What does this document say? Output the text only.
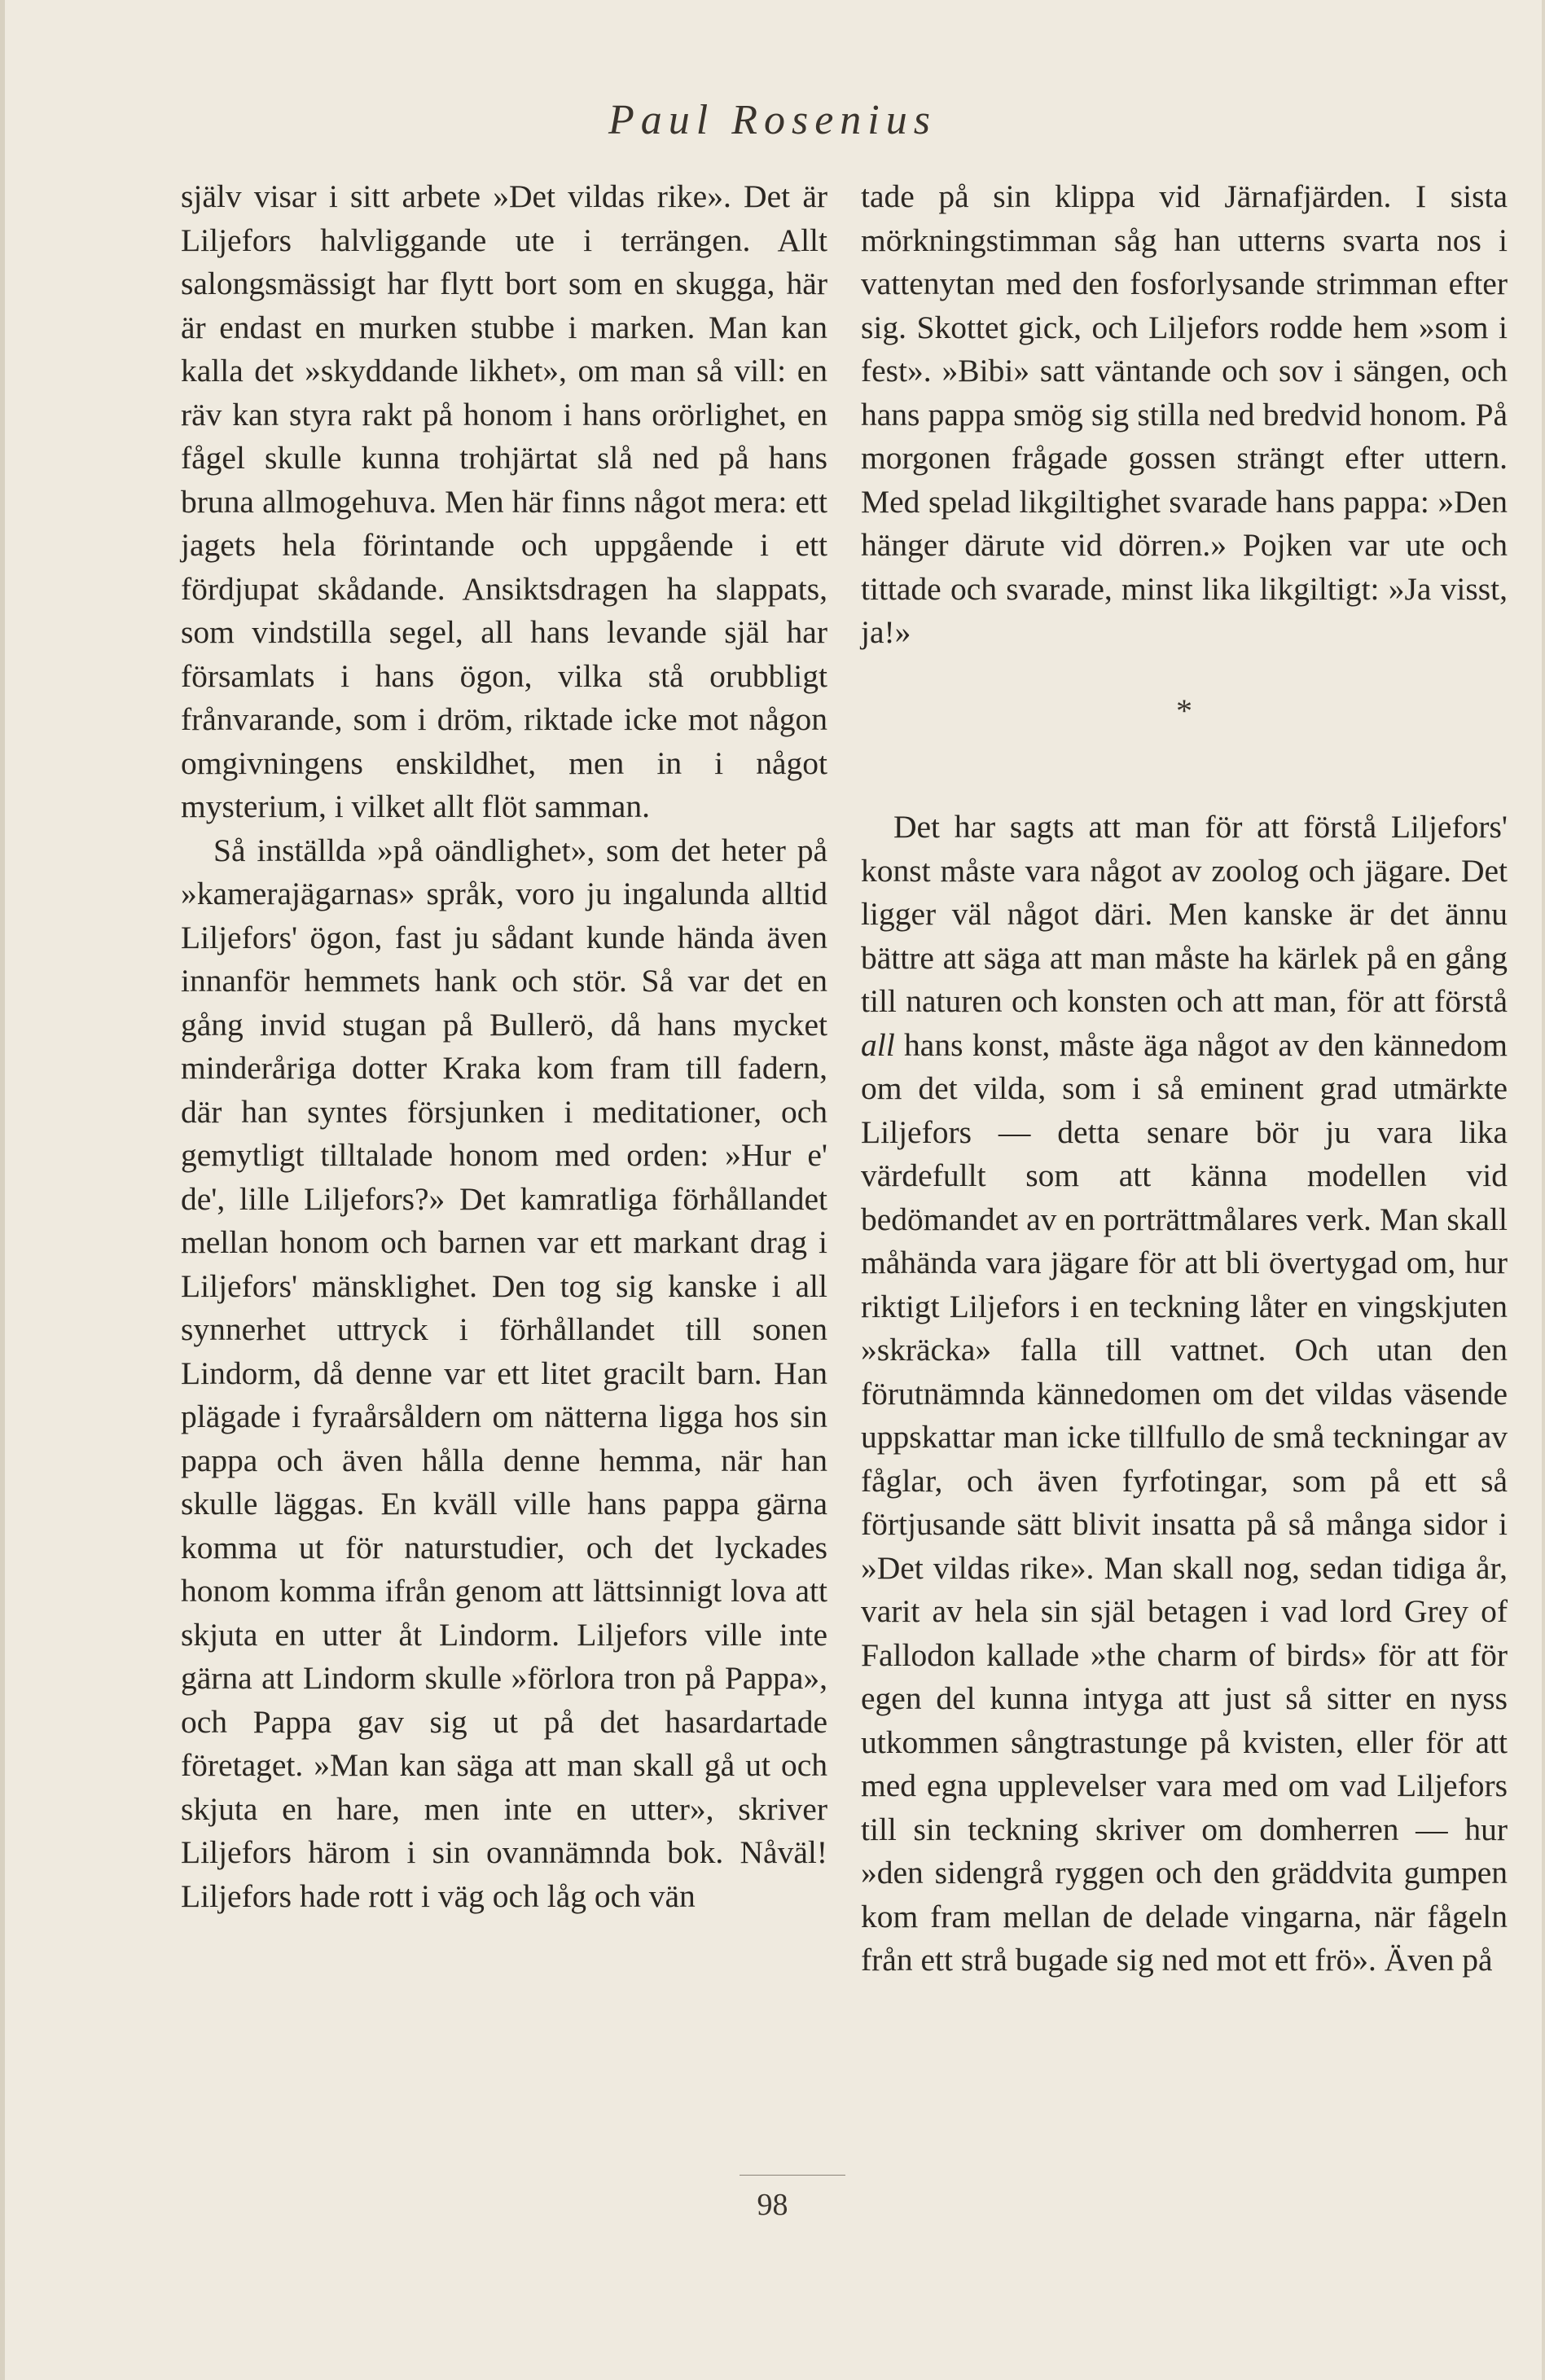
Paul Rosenius

själv visar i sitt arbete »Det vildas rike». Det är Liljefors halvliggande ute i terrängen. Allt salongsmässigt har flytt bort som en skugga, här är endast en murken stubbe i marken. Man kan kalla det »skyddande likhet», om man så vill: en räv kan styra rakt på honom i hans orörlighet, en fågel skulle kunna trohjärtat slå ned på hans bruna allmogehuva. Men här finns något mera: ett jagets hela förintande och uppgående i ett fördjupat skådande. Ansiktsdragen ha slappats, som vindstilla segel, all hans levande själ har församlats i hans ögon, vilka stå orubbligt frånvarande, som i dröm, riktade icke mot någon omgivningens enskildhet, men in i något mysterium, i vilket allt flöt samman.

Så inställda »på oändlighet», som det heter på »kamerajägarnas» språk, voro ju ingalunda alltid Liljefors' ögon, fast ju sådant kunde hända även innanför hemmets hank och stör. Så var det en gång invid stugan på Bullerö, då hans mycket minderåriga dotter Kraka kom fram till fadern, där han syntes försjunken i meditationer, och gemytligt tilltalade honom med orden: »Hur e' de', lille Liljefors?» Det kamratliga förhållandet mellan honom och barnen var ett markant drag i Liljefors' mänsklighet. Den tog sig kanske i all synnerhet uttryck i förhållandet till sonen Lindorm, då denne var ett litet gracilt barn. Han plägade i fyraårsåldern om nätterna ligga hos sin pappa och även hålla denne hemma, när han skulle läggas. En kväll ville hans pappa gärna komma ut för naturstudier, och det lyckades honom komma ifrån genom att lättsinnigt lova att skjuta en utter åt Lindorm. Liljefors ville inte gärna att Lindorm skulle »förlora tron på Pappa», och Pappa gav sig ut på det hasardartade företaget. »Man kan säga att man skall gå ut och skjuta en hare, men inte en utter», skriver Liljefors härom i sin ovannämnda bok. Nåväl! Liljefors hade rott i väg och låg och vän

tade på sin klippa vid Järnafjärden. I sista mörkningstimman såg han utterns svarta nos i vattenytan med den fosforlysande strimman efter sig. Skottet gick, och Liljefors rodde hem »som i fest». »Bibi» satt väntande och sov i sängen, och hans pappa smög sig stilla ned bredvid honom. På morgonen frågade gossen strängt efter uttern. Med spelad likgiltighet svarade hans pappa: »Den hänger därute vid dörren.» Pojken var ute och tittade och svarade, minst lika likgiltigt: »Ja visst, ja!»

*

Det har sagts att man för att förstå Liljefors' konst måste vara något av zoolog och jägare. Det ligger väl något däri. Men kanske är det ännu bättre att säga att man måste ha kärlek på en gång till naturen och konsten och att man, för att förstå all hans konst, måste äga något av den kännedom om det vilda, som i så eminent grad utmärkte Liljefors — detta senare bör ju vara lika värdefullt som att känna modellen vid bedömandet av en porträttmålares verk. Man skall måhända vara jägare för att bli övertygad om, hur riktigt Liljefors i en teckning låter en vingskjuten »skräcka» falla till vattnet. Och utan den förutnämnda kännedomen om det vildas väsende uppskattar man icke tillfullo de små teckningar av fåglar, och även fyrfotingar, som på ett så förtjusande sätt blivit insatta på så många sidor i »Det vildas rike». Man skall nog, sedan tidiga år, varit av hela sin själ betagen i vad lord Grey of Fallodon kallade »the charm of birds» för att för egen del kunna intyga att just så sitter en nyss utkommen sångtrastunge på kvisten, eller för att med egna upplevelser vara med om vad Liljefors till sin teckning skriver om domherren — hur »den sidengrå ryggen och den gräddvita gumpen kom fram mellan de delade vingarna, när fågeln från ett strå bugade sig ned mot ett frö». Även på

98
